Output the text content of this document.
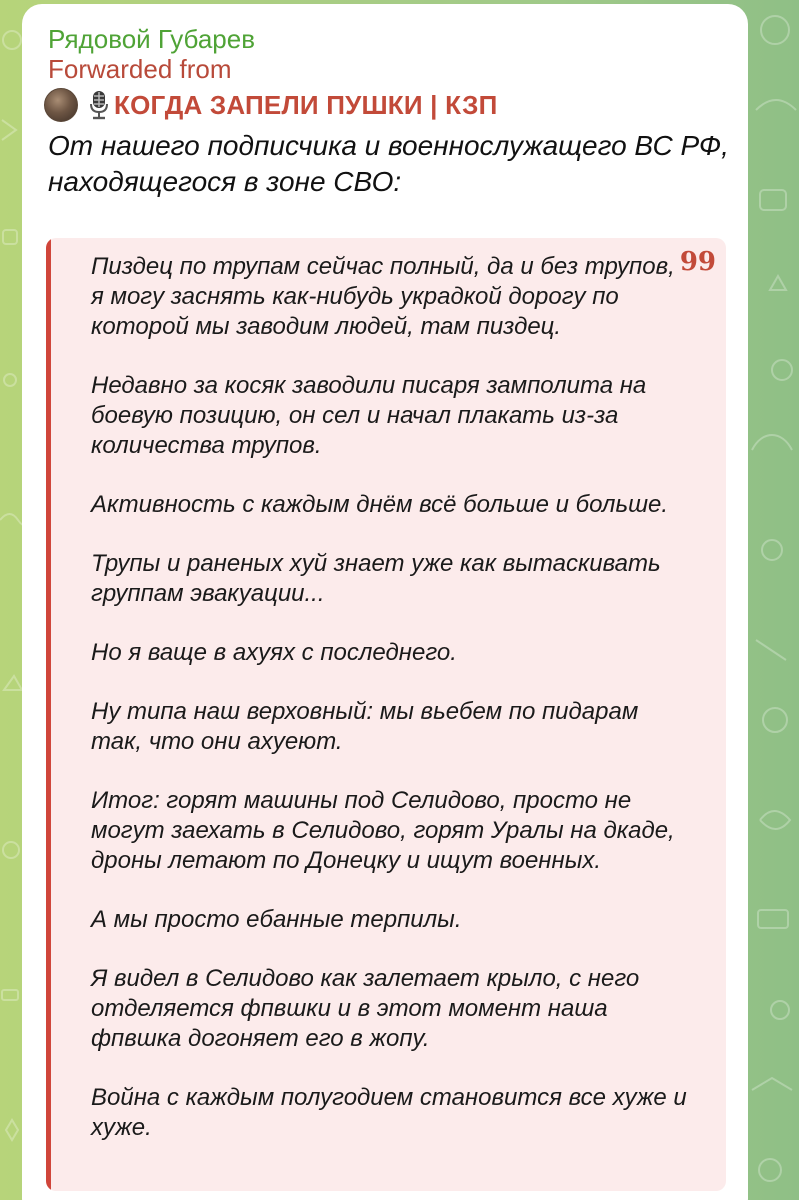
Рядовой Губарев
Forwarded from
КОГДА ЗАПЕЛИ ПУШКИ | КЗП
От нашего подписчика и военнослужащего ВС РФ, находящегося в зоне СВО:
99

Пиздец по трупам сейчас полный, да и без трупов, я могу заснять как-нибудь украдкой дорогу по которой мы заводим людей, там пиздец.

Недавно за косяк заводили писаря замполита на боевую позицию, он сел и начал плакать из-за количества трупов.

Активность с каждым днём всё больше и больше.

Трупы и раненых хуй знает уже как вытаскивать группам эвакуации...

Но я ваще в ахуях с последнего.

Ну типа наш верховный: мы вьебем по пидарам так, что они ахуеют.

Итог: горят машины под Селидово, просто не могут заехать в Селидово, горят Уралы на дкаде, дроны летают по Донецку и ищут военных.

А мы просто ебанные терпилы.

Я видел в Селидово как залетает крыло, с него отделяется фпвшки и в этот момент наша фпвшка догоняет его в жопу.

Война с каждым полугодием становится все хуже и хуже.
